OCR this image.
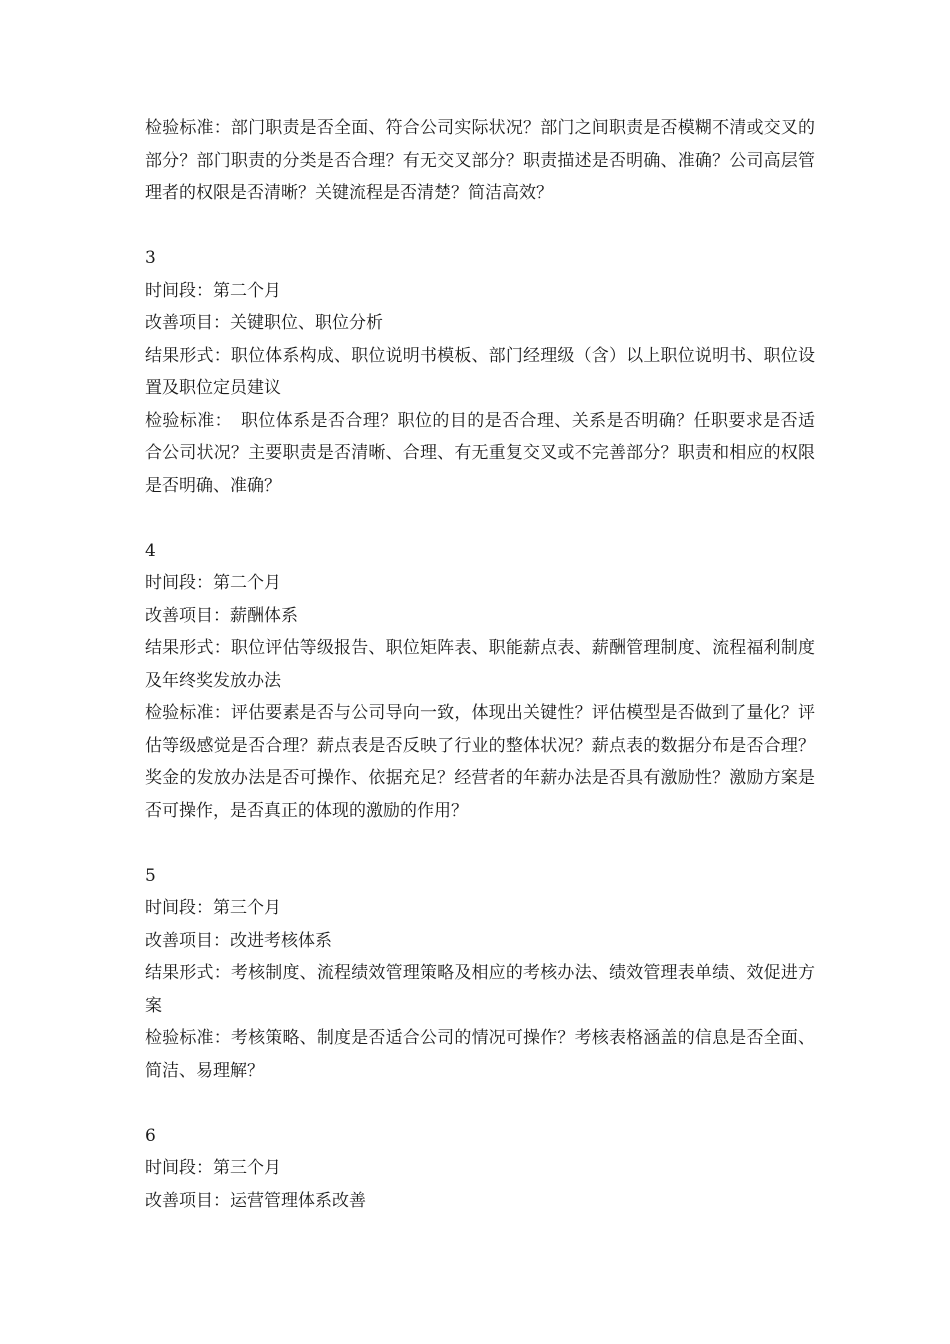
检验标准：部门职责是否全面、符合公司实际状况？部门之间职责是否模糊不清或交叉的部分？部门职责的分类是否合理？有无交叉部分？职责描述是否明确、准确？公司高层管理者的权限是否清晰？关键流程是否清楚？简洁高效？

3

时间段：第二个月

改善项目：关键职位、职位分析

结果形式：职位体系构成、职位说明书模板、部门经理级（含）以上职位说明书、职位设置及职位定员建议

检验标准：　职位体系是否合理？职位的目的是否合理、关系是否明确？任职要求是否适合公司状况？主要职责是否清晰、合理、有无重复交叉或不完善部分？职责和相应的权限是否明确、准确？

4

时间段：第二个月

改善项目：薪酬体系

结果形式：职位评估等级报告、职位矩阵表、职能薪点表、薪酬管理制度、流程福利制度及年终奖发放办法

检验标准：评估要素是否与公司导向一致，体现出关键性？评估模型是否做到了量化？评估等级感觉是否合理？薪点表是否反映了行业的整体状况？薪点表的数据分布是否合理？奖金的发放办法是否可操作、依据充足？经营者的年薪办法是否具有激励性？激励方案是否可操作，是否真正的体现的激励的作用？

5

时间段：第三个月

改善项目：改进考核体系

结果形式：考核制度、流程绩效管理策略及相应的考核办法、绩效管理表单绩、效促进方案

检验标准：考核策略、制度是否适合公司的情况可操作？考核表格涵盖的信息是否全面、简洁、易理解？

6

时间段：第三个月

改善项目：运营管理体系改善
